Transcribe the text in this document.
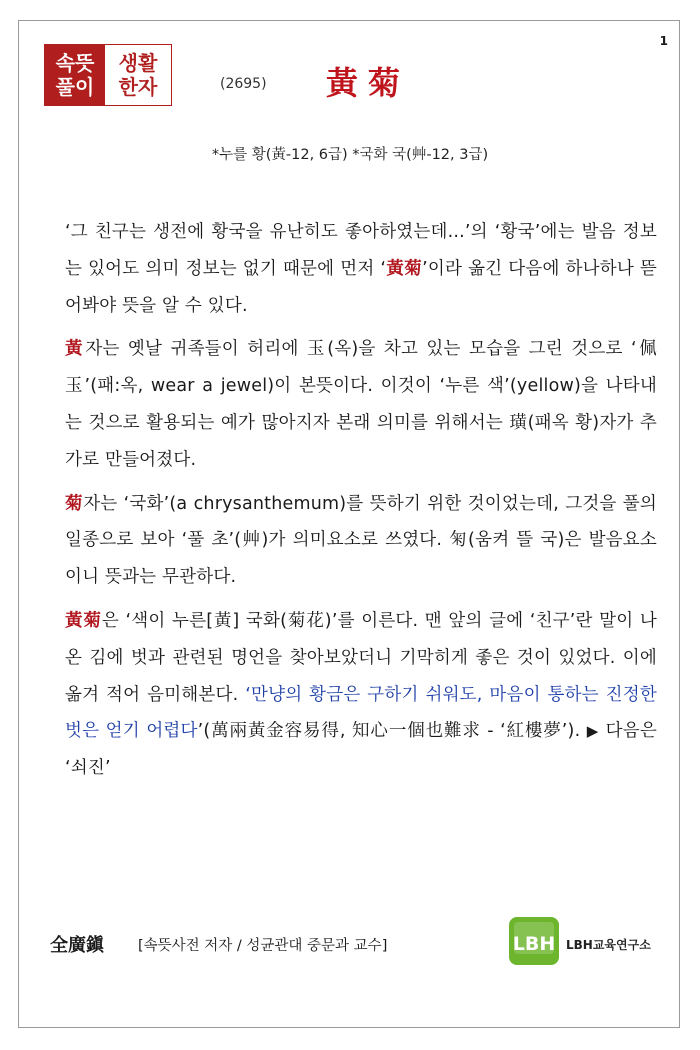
1
속뜻
풀이
생활
한자	(2695) 黃菊
*누를 황(黃-12, 6급) *국화 국(艸-12, 3급)

‘그 친구는 생전에 황국을 유난히도 좋아하였는데...’의 ‘황국’에는 발음 정보는 있어도 의미 정보는 없기 때문에 먼저 ‘黃菊’이라 옮긴 다음에 하나하나 뜯어봐야 뜻을 알 수 있다.

黃자는 옛날 귀족들이 허리에 玉(옥)을 차고 있는 모습을 그린 것으로 ‘佩玉’(패:옥, wear a jewel)이 본뜻이다. 이것이 ‘누른 색’(yellow)을 나타내는 것으로 활용되는 예가 많아지자 본래 의미를 위해서는 璜(패옥 황)자가 추가로 만들어졌다.

菊자는 ‘국화’(a chrysanthemum)를 뜻하기 위한 것이었는데, 그것을 풀의 일종으로 보아 ‘풀 초’(艸)가 의미요소로 쓰였다. 匊(움켜 뜰 국)은 발음요소이니 뜻과는 무관하다.

黃菊은 ‘색이 누른[黃] 국화(菊花)’를 이른다. 맨 앞의 글에 ‘친구’란 말이 나온 김에 벗과 관련된 명언을 찾아보았더니 기막히게 좋은 것이 있었다. 이에 옮겨 적어 음미해본다. ‘만냥의 황금은 구하기 쉬워도, 마음이 통하는 진정한 벗은 얻기 어렵다’(萬兩黃金容易得, 知心一個也難求 - ‘紅樓夢’). ▶ 다음은 ‘쇠진’

全廣鎭 [속뜻사전 저자 / 성균관대 중문과 교수]	LBH LBH교육연구소
